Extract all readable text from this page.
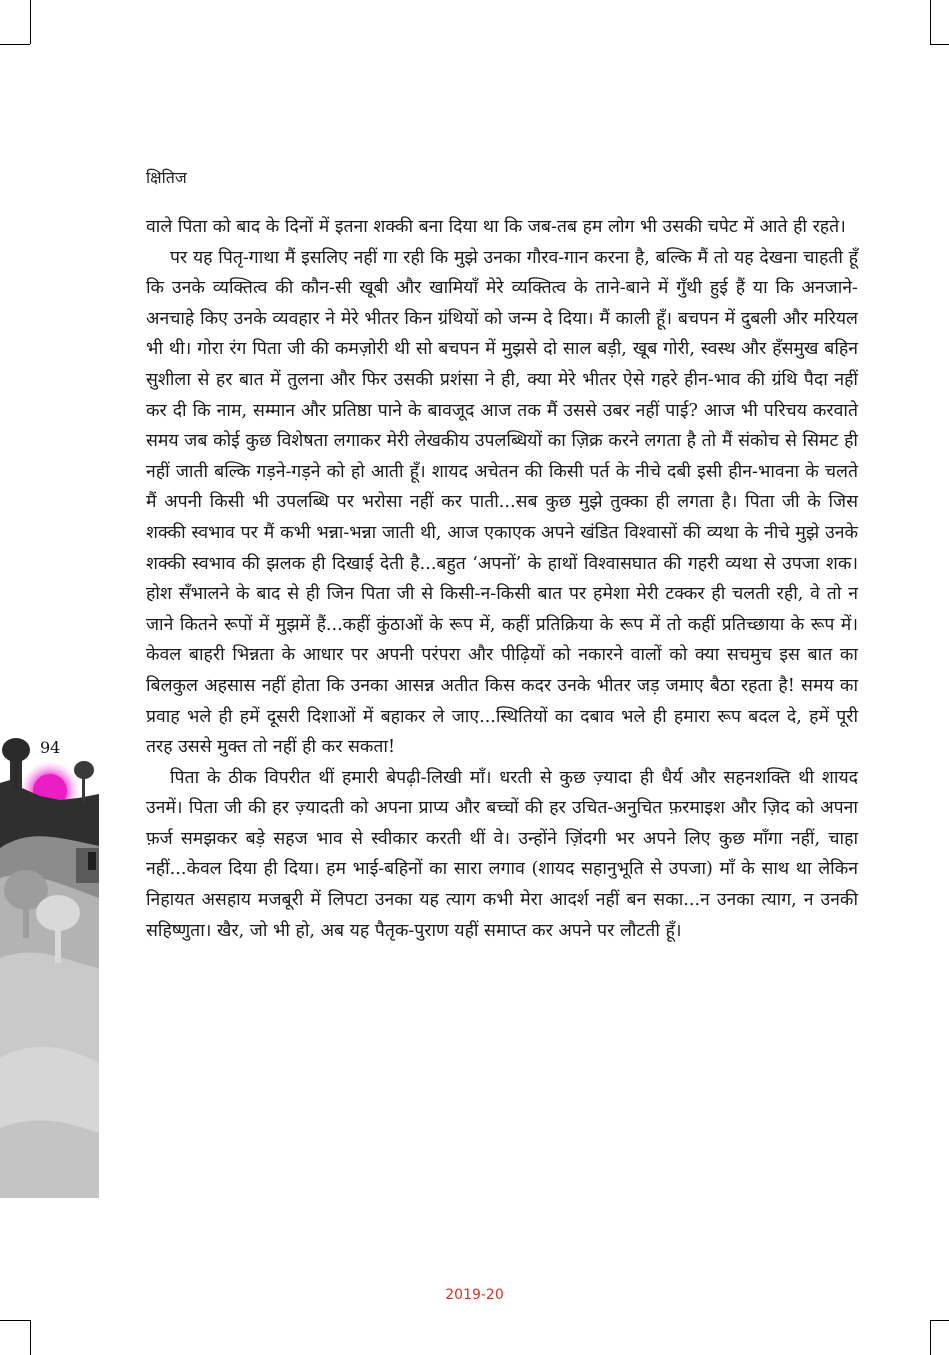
क्षितिज
94

वाले पिता को बाद के दिनों में इतना शक्की बना दिया था कि जब-तब हम लोग भी उसकी चपेट में आते ही रहते।

पर यह पितृ-गाथा मैं इसलिए नहीं गा रही कि मुझे उनका गौरव-गान करना है, बल्कि मैं तो यह देखना चाहती हूँ कि उनके व्यक्तित्व की कौन-सी खूबी और खामियाँ मेरे व्यक्तित्व के ताने-बाने में गुँथी हुई हैं या कि अनजाने-अनचाहे किए उनके व्यवहार ने मेरे भीतर किन ग्रंथियों को जन्म दे दिया। मैं काली हूँ। बचपन में दुबली और मरियल भी थी। गोरा रंग पिता जी की कमज़ोरी थी सो बचपन में मुझसे दो साल बड़ी, खूब गोरी, स्वस्थ और हँसमुख बहिन सुशीला से हर बात में तुलना और फिर उसकी प्रशंसा ने ही, क्या मेरे भीतर ऐसे गहरे हीन-भाव की ग्रंथि पैदा नहीं कर दी कि नाम, सम्मान और प्रतिष्ठा पाने के बावजूद आज तक मैं उससे उबर नहीं पाई? आज भी परिचय करवाते समय जब कोई कुछ विशेषता लगाकर मेरी लेखकीय उपलब्धियों का ज़िक्र करने लगता है तो मैं संकोच से सिमट ही नहीं जाती बल्कि गड़ने-गड़ने को हो आती हूँ। शायद अचेतन की किसी पर्त के नीचे दबी इसी हीन-भावना के चलते मैं अपनी किसी भी उपलब्धि पर भरोसा नहीं कर पाती...सब कुछ मुझे तुक्का ही लगता है। पिता जी के जिस शक्की स्वभाव पर मैं कभी भन्ना-भन्ना जाती थी, आज एकाएक अपने खंडित विश्वासों की व्यथा के नीचे मुझे उनके शक्की स्वभाव की झलक ही दिखाई देती है...बहुत ‘अपनों’ के हाथों विश्वासघात की गहरी व्यथा से उपजा शक। होश सँभालने के बाद से ही जिन पिता जी से किसी-न-किसी बात पर हमेशा मेरी टक्कर ही चलती रही, वे तो न जाने कितने रूपों में मुझमें हैं...कहीं कुंठाओं के रूप में, कहीं प्रतिक्रिया के रूप में तो कहीं प्रतिच्छाया के रूप में। केवल बाहरी भिन्नता के आधार पर अपनी परंपरा और पीढ़ियों को नकारने वालों को क्या सचमुच इस बात का बिलकुल अहसास नहीं होता कि उनका आसन्न अतीत किस कदर उनके भीतर जड़ जमाए बैठा रहता है! समय का प्रवाह भले ही हमें दूसरी दिशाओं में बहाकर ले जाए...स्थितियों का दबाव भले ही हमारा रूप बदल दे, हमें पूरी तरह उससे मुक्त तो नहीं ही कर सकता!

पिता के ठीक विपरीत थीं हमारी बेपढ़ी-लिखी माँ। धरती से कुछ ज़्यादा ही धैर्य और सहनशक्ति थी शायद उनमें। पिता जी की हर ज़्यादती को अपना प्राप्य और बच्चों की हर उचित-अनुचित फ़रमाइश और ज़िद को अपना फ़र्ज समझकर बड़े सहज भाव से स्वीकार करती थीं वे। उन्होंने ज़िंदगी भर अपने लिए कुछ माँगा नहीं, चाहा नहीं...केवल दिया ही दिया। हम भाई-बहिनों का सारा लगाव (शायद सहानुभूति से उपजा) माँ के साथ था लेकिन निहायत असहाय मजबूरी में लिपटा उनका यह त्याग कभी मेरा आदर्श नहीं बन सका...न उनका त्याग, न उनकी सहिष्णुता। खैर, जो भी हो, अब यह पैतृक-पुराण यहीं समाप्त कर अपने पर लौटती हूँ।

2019-20
